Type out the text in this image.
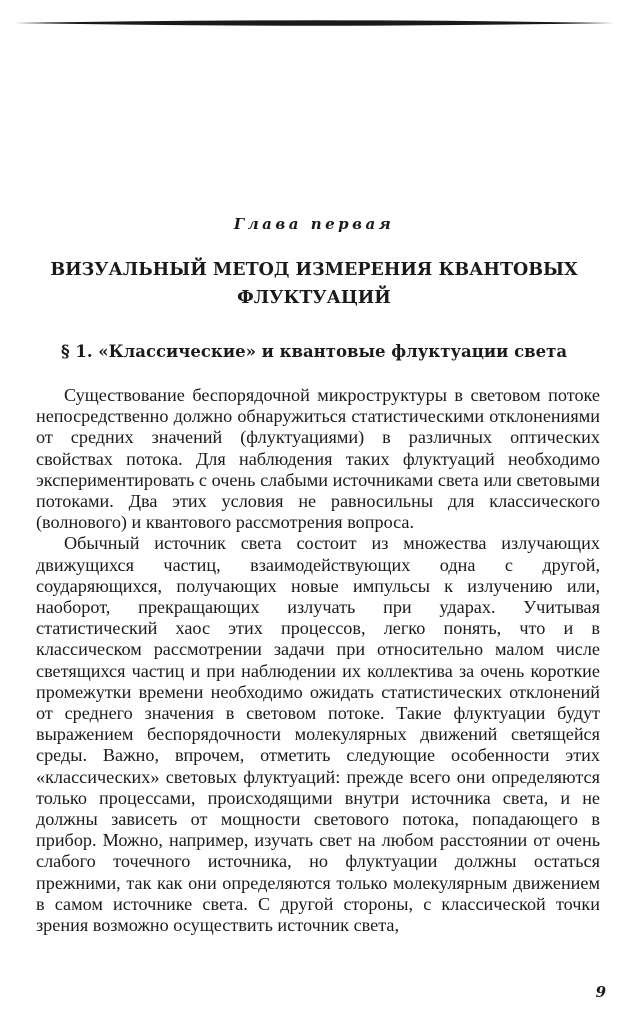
Глава первая

ВИЗУАЛЬНЫЙ МЕТОД ИЗМЕРЕНИЯ КВАНТОВЫХ
ФЛУКТУАЦИЙ
§ 1. «Классические» и квантовые флуктуации света

Существование беспорядочной микроструктуры в световом потоке непосредственно должно обнаружиться статистическими отклонениями от средних значений (флуктуациями) в различных оптических свойствах потока. Для наблюдения таких флуктуаций необходимо экспериментировать с очень слабыми источниками света или световыми потоками. Два этих условия не равносильны для классического (волнового) и квантового рассмотрения вопроса.

Обычный источник света состоит из множества излучающих движущихся частиц, взаимодействующих одна с другой, соударяющихся, получающих новые импульсы к излучению или, наоборот, прекращающих излучать при ударах. Учитывая статистический хаос этих процессов, легко понять, что и в классическом рассмотрении задачи при относительно малом числе светящихся частиц и при наблюдении их коллектива за очень короткие промежутки времени необходимо ожидать статистических отклонений от среднего значения в световом потоке. Такие флуктуации будут выражением беспорядочности молекулярных движений светящейся среды. Важно, впрочем, отметить следующие особенности этих «классических» световых флуктуаций: прежде всего они определяются только процессами, происходящими внутри источника света, и не должны зависеть от мощности светового потока, попадающего в прибор. Можно, например, изучать свет на любом расстоянии от очень слабого точечного источника, но флуктуации должны остаться прежними, так как они определяются только молекулярным движением в самом источнике света. С другой стороны, с классической точки зрения возможно осуществить источник света,

9
